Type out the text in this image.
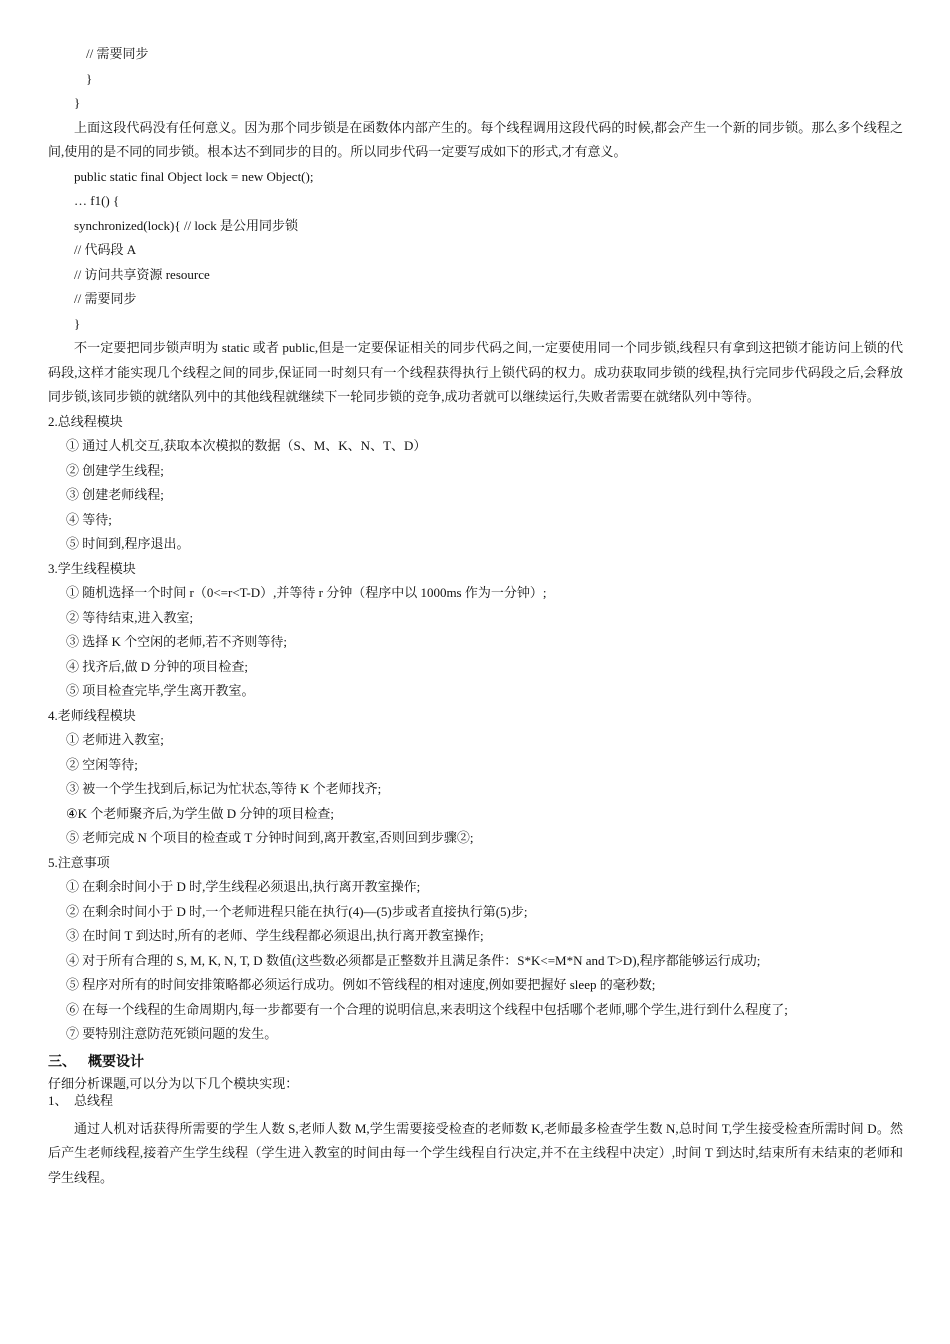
// 需要同步
}
}
上面这段代码没有任何意义。因为那个同步锁是在函数体内部产生的。每个线程调用这段代码的时候,都会产生一个新的同步锁。那么多个线程之间,使用的是不同的同步锁。根本达不到同步的目的。所以同步代码一定要写成如下的形式,才有意义。
public static final Object lock = new Object();
… f1() {
synchronized(lock){ // lock 是公用同步锁
// 代码段 A
// 访问共享资源 resource
// 需要同步
}
不一定要把同步锁声明为 static 或者 public,但是一定要保证相关的同步代码之间,一定要使用同一个同步锁,线程只有拿到这把锁才能访问上锁的代码段,这样才能实现几个线程之间的同步,保证同一时刻只有一个线程获得执行上锁代码的权力。成功获取同步锁的线程,执行完同步代码段之后,会释放同步锁,该同步锁的就绪队列中的其他线程就继续下一轮同步锁的竞争,成功者就可以继续运行,失败者需要在就绪队列中等待。
2.总线程模块
① 通过人机交互,获取本次模拟的数据（S、M、K、N、T、D）
② 创建学生线程;
③ 创建老师线程;
④ 等待;
⑤ 时间到,程序退出。
3.学生线程模块
① 随机选择一个时间 r（0<=r<T-D）,并等待 r 分钟（程序中以 1000ms 作为一分钟）;
② 等待结束,进入教室;
③ 选择 K 个空闲的老师,若不齐则等待;
④ 找齐后,做 D 分钟的项目检查;
⑤ 项目检查完毕,学生离开教室。
4.老师线程模块
① 老师进入教室;
② 空闲等待;
③ 被一个学生找到后,标记为忙状态,等待 K 个老师找齐;
④K 个老师聚齐后,为学生做 D 分钟的项目检查;
⑤ 老师完成 N 个项目的检查或 T 分钟时间到,离开教室,否则回到步骤②;
5.注意事项
① 在剩余时间小于 D 时,学生线程必须退出,执行离开教室操作;
② 在剩余时间小于 D 时,一个老师进程只能在执行(4)—(5)步或者直接执行第(5)步;
③ 在时间 T 到达时,所有的老师、学生线程都必须退出,执行离开教室操作;
④ 对于所有合理的 S, M, K, N, T, D 数值(这些数必须都是正整数并且满足条件：S*K<=M*N and T>D),程序都能够运行成功;
⑤ 程序对所有的时间安排策略都必须运行成功。例如不管线程的相对速度,例如要把握好 sleep 的毫秒数;
⑥ 在每一个线程的生命周期内,每一步都要有一个合理的说明信息,来表明这个线程中包括哪个老师,哪个学生,进行到什么程度了;
⑦ 要特别注意防范死锁问题的发生。
三、 概要设计
仔细分析课题,可以分为以下几个模块实现：
1、 总线程
通过人机对话获得所需要的学生人数 S,老师人数 M,学生需要接受检查的老师数 K,老师最多检查学生数 N,总时间 T,学生接受检查所需时间 D。然后产生老师线程,接着产生学生线程（学生进入教室的时间由每一个学生线程自行决定,并不在主线程中决定）,时间 T 到达时,结束所有未结束的老师和学生线程。
